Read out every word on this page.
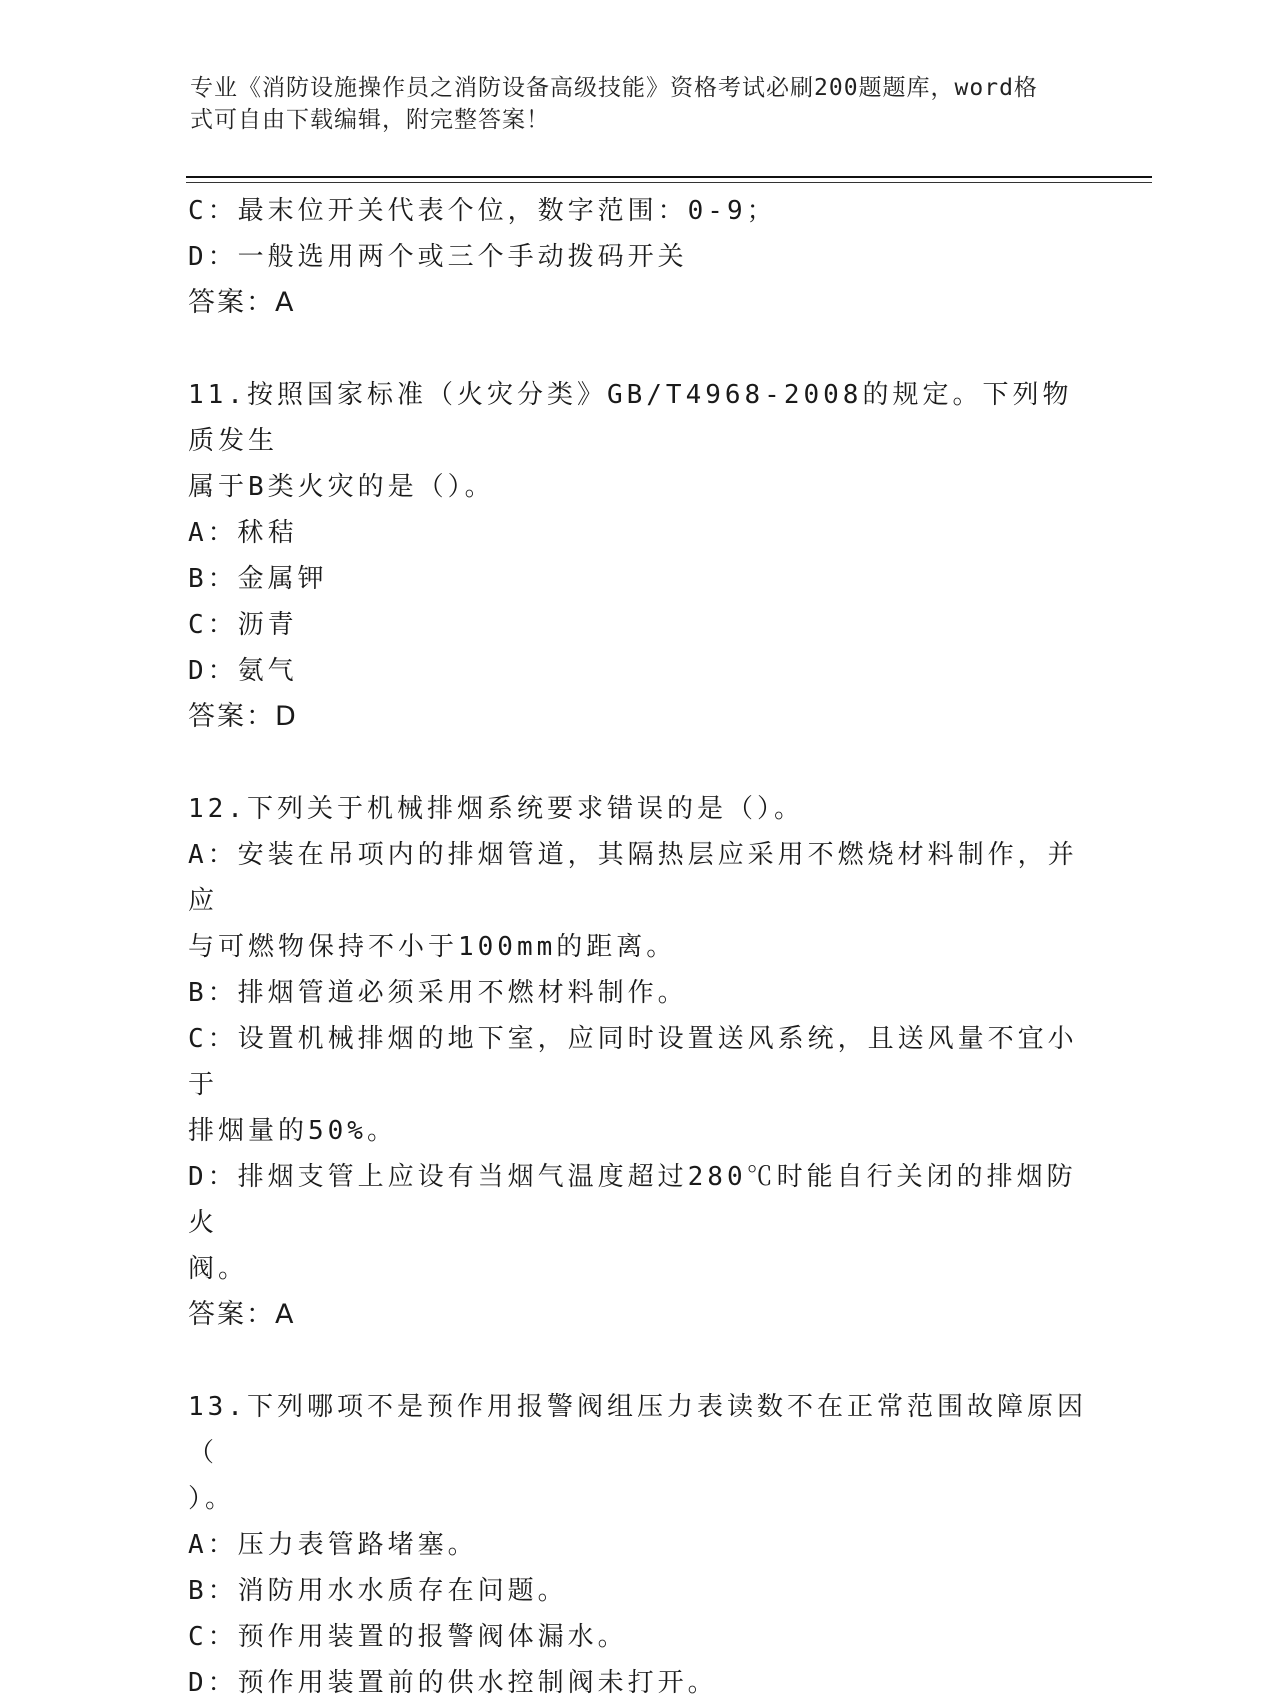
专业《消防设施操作员之消防设备高级技能》资格考试必刷200题题库，word格
式可自由下载编辑，附完整答案！

C：最末位开关代表个位，数字范围：0-9；

D：一般选用两个或三个手动拨码开关

答案：A

11.按照国家标准（火灾分类》GB/T4968-2008的规定。下列物质发生

属于B类火灾的是（）。

A：秫秸

B：金属钾

C：沥青

D：氨气

答案：D

12.下列关于机械排烟系统要求错误的是（）。

A：安装在吊项内的排烟管道，其隔热层应采用不燃烧材料制作，并应

与可燃物保持不小于100mm的距离。

B：排烟管道必须采用不燃材料制作。

C：设置机械排烟的地下室，应同时设置送风系统，且送风量不宜小于

排烟量的50%。

D：排烟支管上应设有当烟气温度超过280℃时能自行关闭的排烟防火

阀。

答案：A

13.下列哪项不是预作用报警阀组压力表读数不在正常范围故障原因（

）。

A：压力表管路堵塞。

B：消防用水水质存在问题。

C：预作用装置的报警阀体漏水。

D：预作用装置前的供水控制阀未打开。
